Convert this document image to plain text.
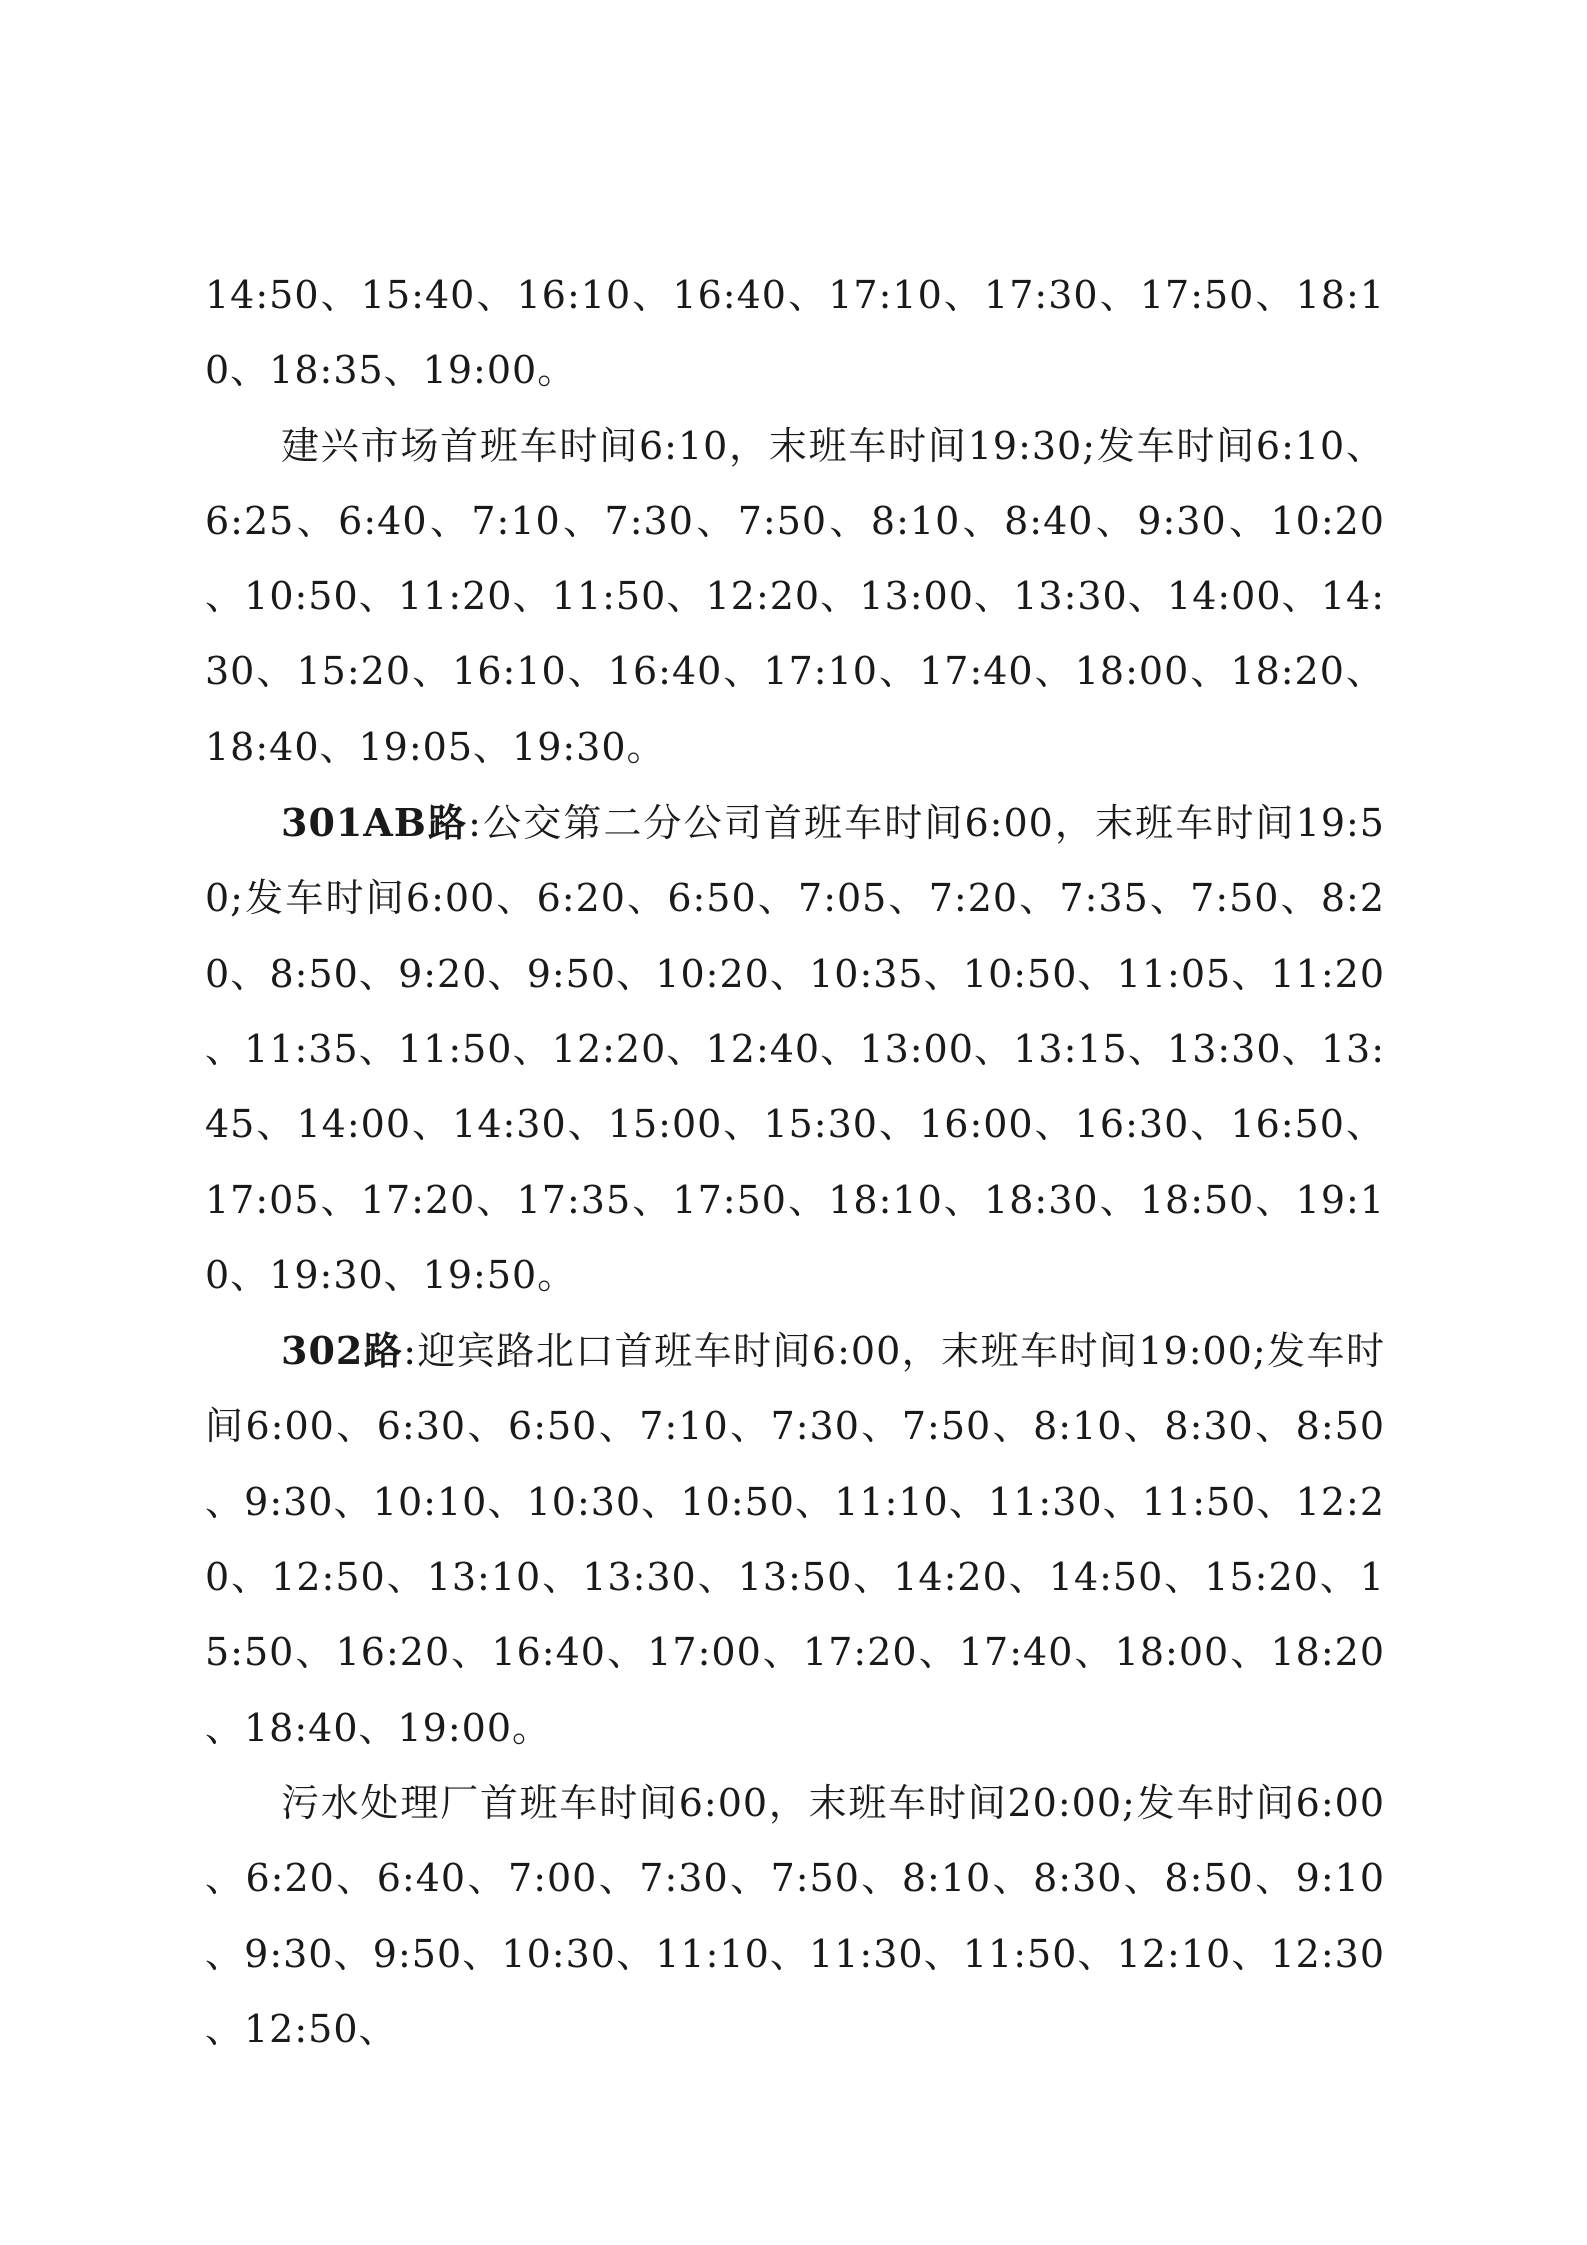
14:50、15:40、16:10、16:40、17:10、17:30、17:50、18:10、18:35、19:00。

建兴市场首班车时间6:10，末班车时间19:30;发车时间6:10、6:25、6:40、7:10、7:30、7:50、8:10、8:40、9:30、10:20、10:50、11:20、11:50、12:20、13:00、13:30、14:00、14:30、15:20、16:10、16:40、17:10、17:40、18:00、18:20、18:40、19:05、19:30。

301AB路:公交第二分公司首班车时间6:00，末班车时间19:50;发车时间6:00、6:20、6:50、7:05、7:20、7:35、7:50、8:20、8:50、9:20、9:50、10:20、10:35、10:50、11:05、11:20、11:35、11:50、12:20、12:40、13:00、13:15、13:30、13:45、14:00、14:30、15:00、15:30、16:00、16:30、16:50、17:05、17:20、17:35、17:50、18:10、18:30、18:50、19:10、19:30、19:50。

302路:迎宾路北口首班车时间6:00，末班车时间19:00;发车时间6:00、6:30、6:50、7:10、7:30、7:50、8:10、8:30、8:50、9:30、10:10、10:30、10:50、11:10、11:30、11:50、12:20、12:50、13:10、13:30、13:50、14:20、14:50、15:20、15:50、16:20、16:40、17:00、17:20、17:40、18:00、18:20、18:40、19:00。

污水处理厂首班车时间6:00，末班车时间20:00;发车时间6:00、6:20、6:40、7:00、7:30、7:50、8:10、8:30、8:50、9:10、9:30、9:50、10:30、11:10、11:30、11:50、12:10、12:30、12:50、
